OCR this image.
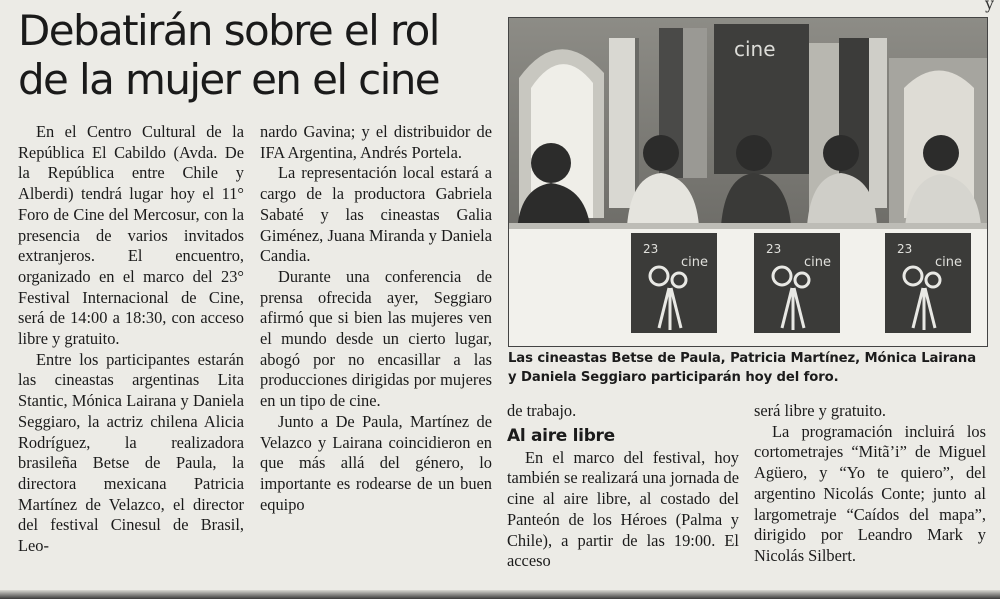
y
Debatirán sobre el rol
de la mujer en el cine

En el Centro Cultural de la República El Cabildo (Avda. De la República entre Chile y Alberdi) tendrá lugar hoy el 11° Foro de Cine del Mercosur, con la presencia de varios invitados extranjeros. El encuentro, organizado en el marco del 23° Festival Internacional de Cine, será de 14:00 a 18:30, con acceso libre y gratuito.

Entre los participantes estarán las cineastas argentinas Lita Stantic, Mónica Lairana y Daniela Seggiaro, la actriz chilena Alicia Rodríguez, la realizadora brasileña Betse de Paula, la directora mexicana Patricia Martínez de Velazco, el director del festival Cinesul de Brasil, Leo-

nardo Gavina; y el distribuidor de IFA Argentina, Andrés Portela.

La representación local estará a cargo de la productora Gabriela Sabaté y las cineastas Galia Giménez, Juana Miranda y Daniela Candia.

Durante una conferencia de prensa ofrecida ayer, Seggiaro afirmó que si bien las mujeres ven el mundo desde un cierto lugar, abogó por no encasillar a las producciones dirigidas por mujeres en un tipo de cine.

Junto a De Paula, Martínez de Velazco y Lairana coincidieron en que más allá del género, lo importante es rodearse de un buen equipo

cine
23
cine
23
cine
23
cine
Las cineastas Betse de Paula, Patricia Martínez, Mónica Lairana y Daniela Seggiaro participarán hoy del foro.

de trabajo.

Al aire libre

En el marco del festival, hoy también se realizará una jornada de cine al aire libre, al costado del Panteón de los Héroes (Palma y Chile), a partir de las 19:00. El acceso

será libre y gratuito.

La programación incluirá los cortometrajes “Mitã’i” de Miguel Agüero, y “Yo te quiero”, del argentino Nicolás Conte; junto al largometraje “Caídos del mapa”, dirigido por Leandro Mark y Nicolás Silbert.
